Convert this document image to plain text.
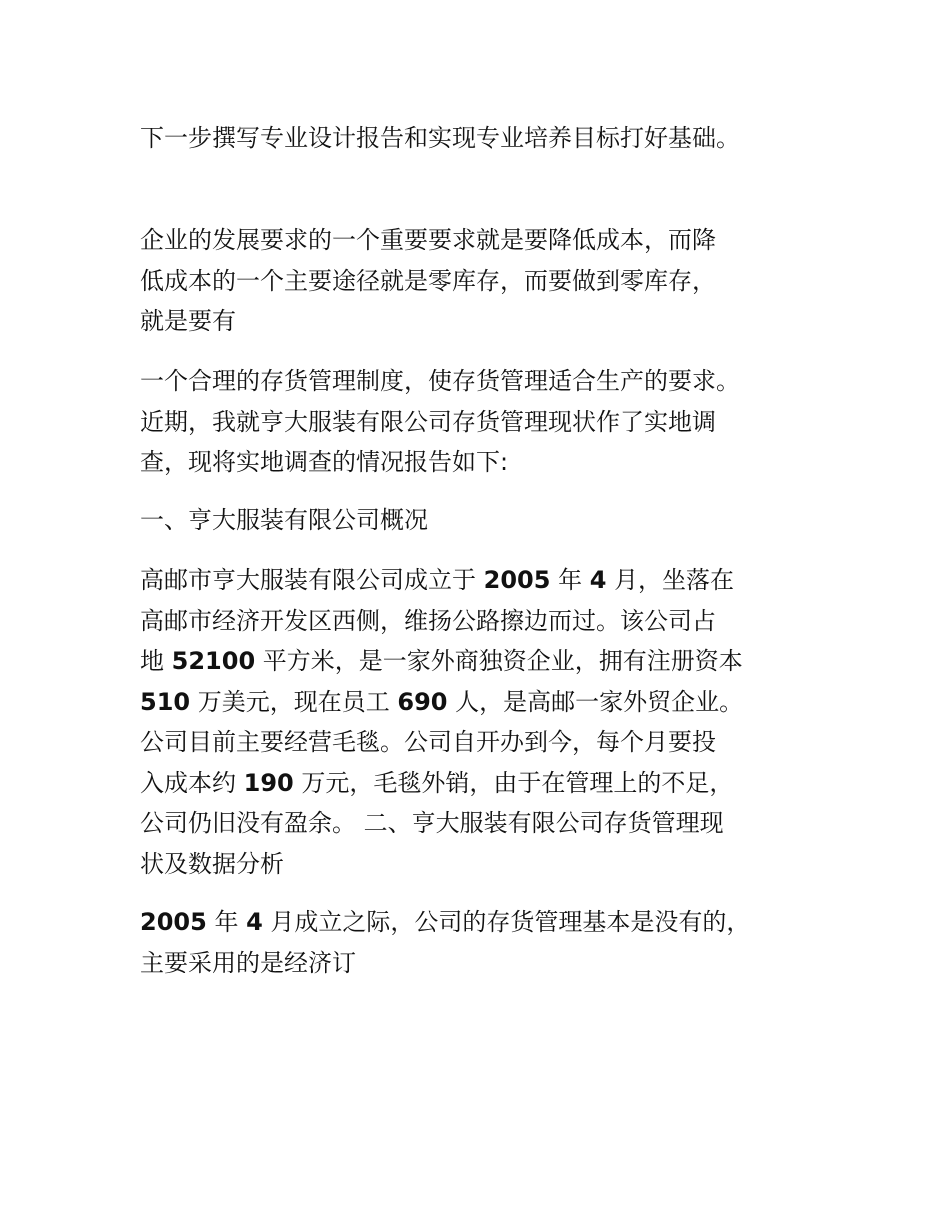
下一步撰写专业设计报告和实现专业培养目标打好基础。

企业的发展要求的一个重要要求就是要降低成本，而降
低成本的一个主要途径就是零库存，而要做到零库存，
就是要有

一个合理的存货管理制度，使存货管理适合生产的要求。
近期，我就亨大服装有限公司存货管理现状作了实地调
查，现将实地调查的情况报告如下:

一、亨大服装有限公司概况

高邮市亨大服装有限公司成立于 2005 年 4 月，坐落在
高邮市经济开发区西侧，维扬公路擦边而过。该公司占
地 52100 平方米，是一家外商独资企业，拥有注册资本
510 万美元，现在员工 690 人，是高邮一家外贸企业。
公司目前主要经营毛毯。公司自开办到今，每个月要投
入成本约 190 万元，毛毯外销，由于在管理上的不足，
公司仍旧没有盈余。 二、亨大服装有限公司存货管理现
状及数据分析

2005 年 4 月成立之际，公司的存货管理基本是没有的，
主要采用的是经济订
